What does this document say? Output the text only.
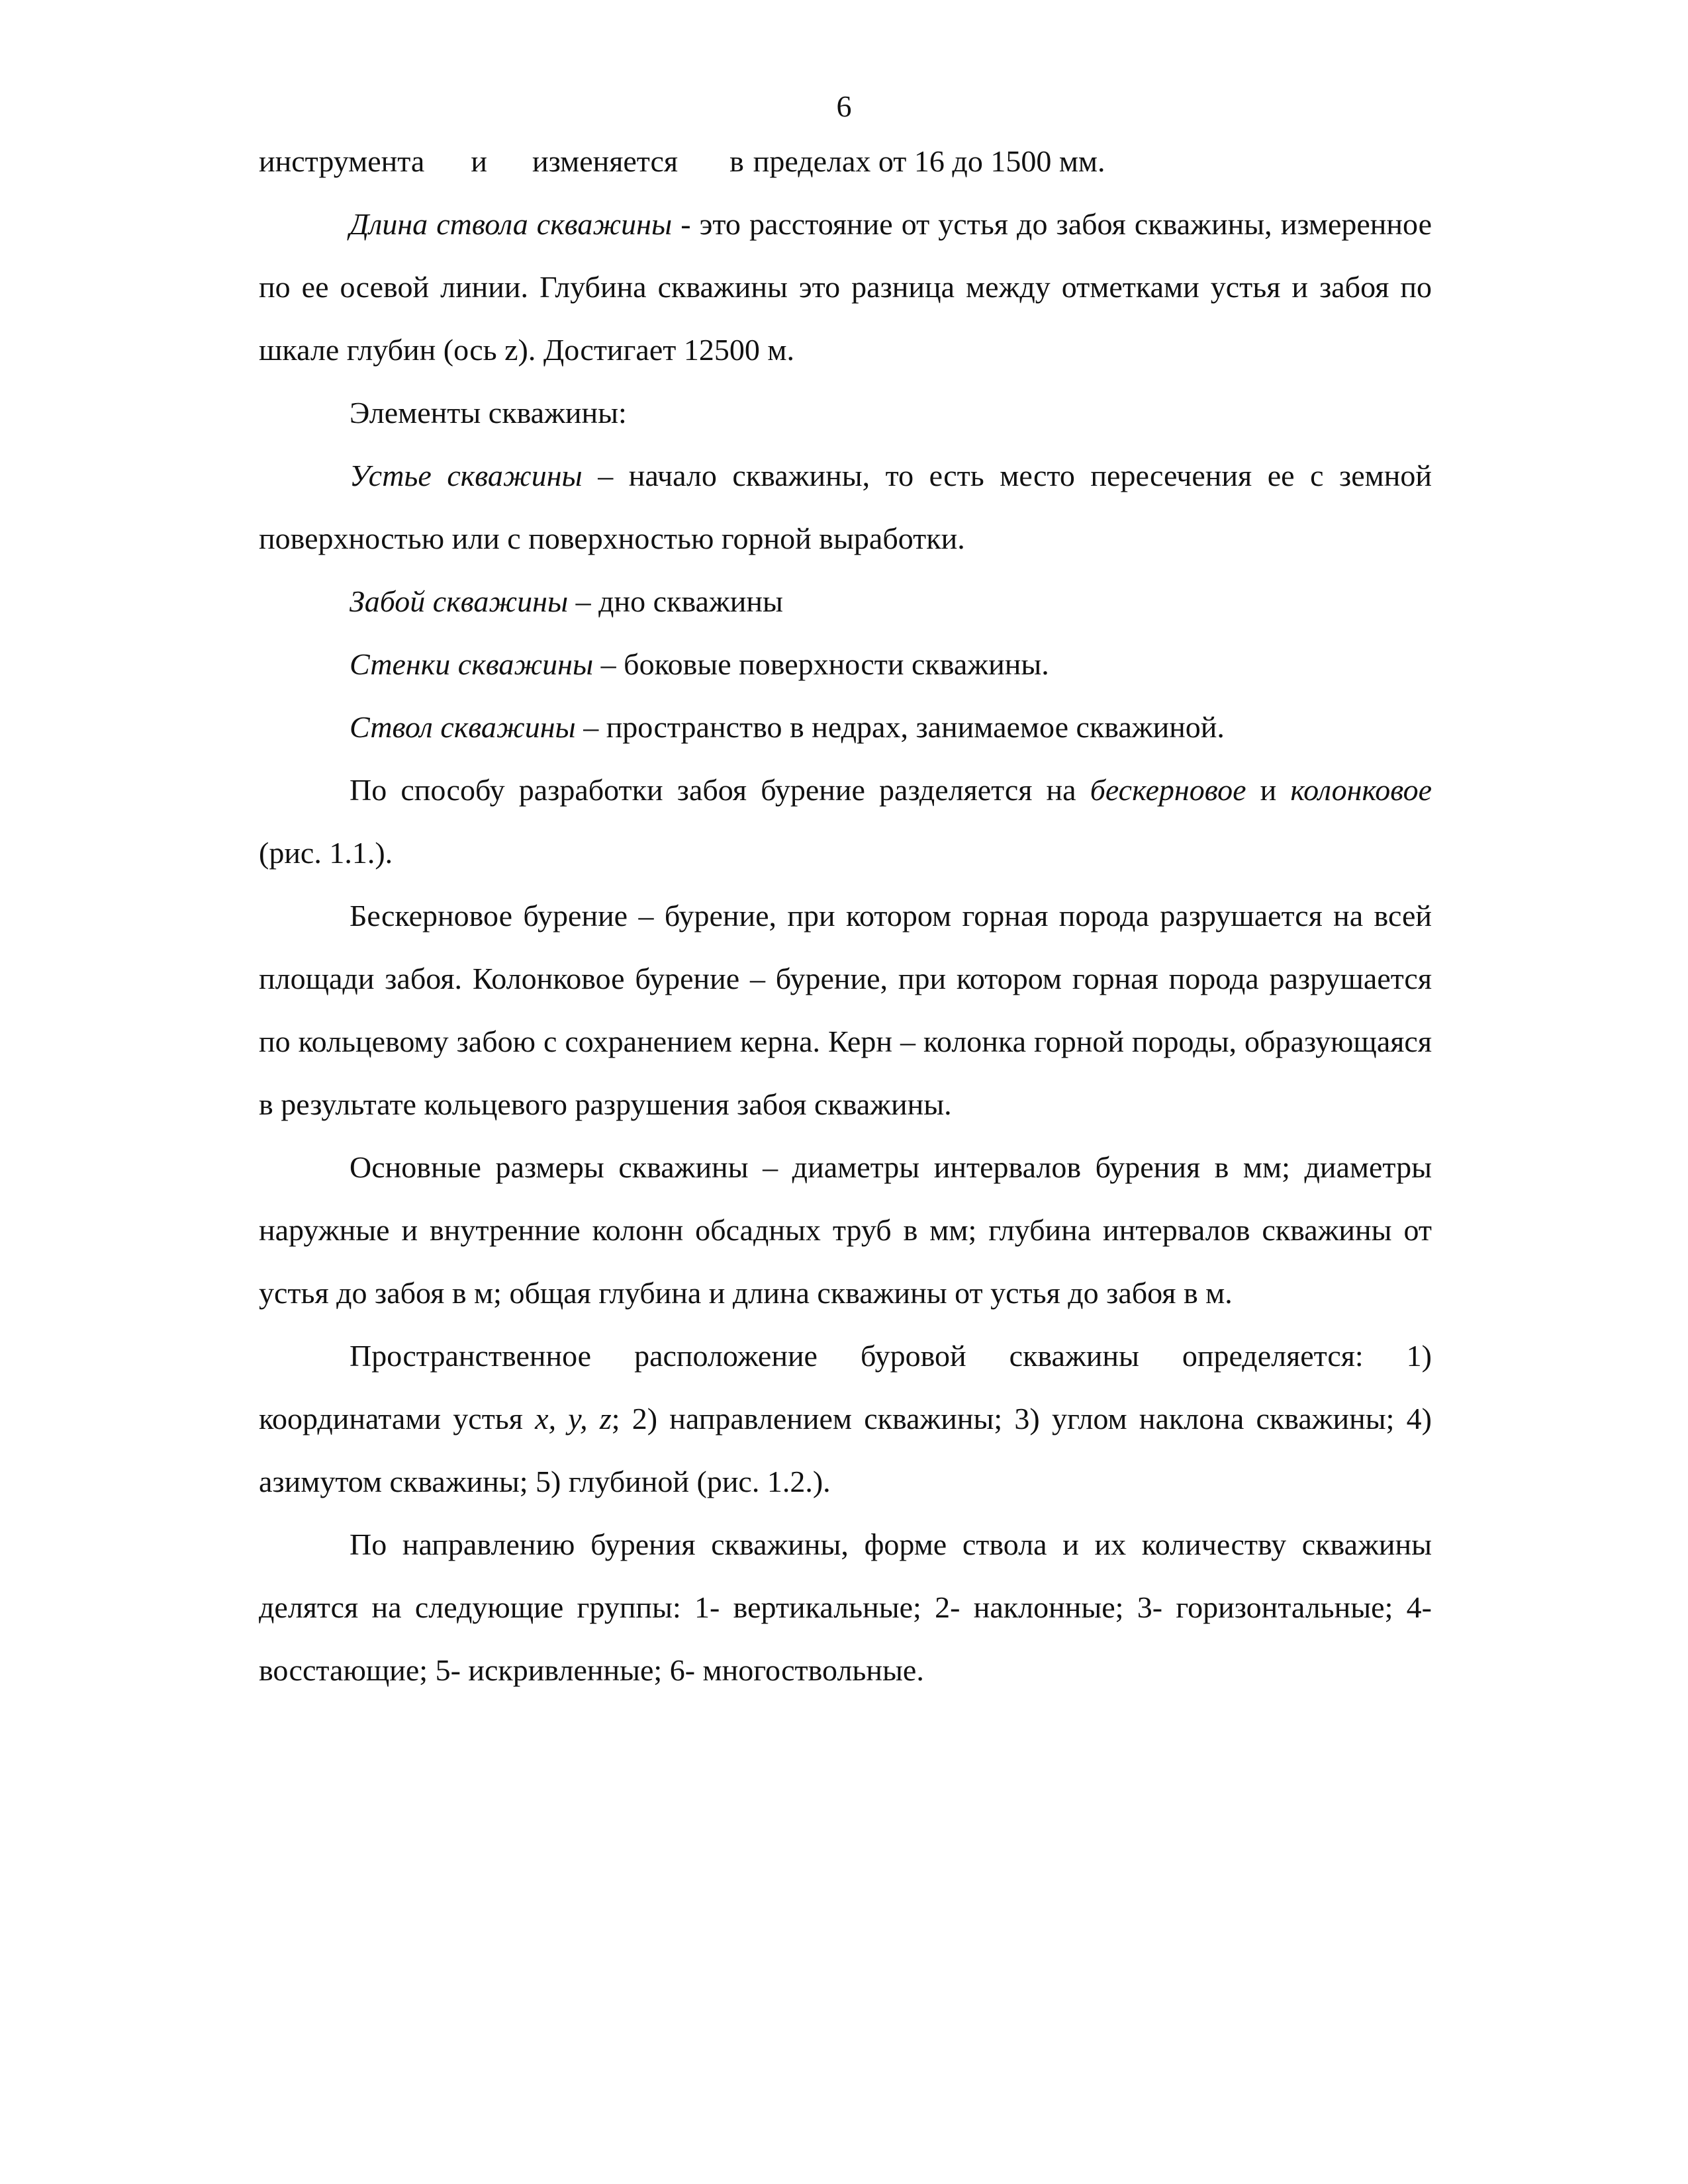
6

инструмента и изменяется в пределах от 16 до 1500 мм.

Длина ствола скважины - это расстояние от устья до забоя скважины, измеренное по ее осевой линии. Глубина скважины это разница между отметками устья и забоя по шкале глубин (ось z). Достигает 12500 м.

Элементы скважины:

Устье скважины – начало скважины, то есть место пересечения ее с земной поверхностью или с поверхностью горной выработки.

Забой скважины – дно скважины

Стенки скважины – боковые поверхности скважины.

Ствол скважины – пространство в недрах, занимаемое скважиной.

По способу разработки забоя бурение разделяется на бескерновое и колонковое (рис. 1.1.).

Бескерновое бурение – бурение, при котором горная порода разрушается на всей площади забоя. Колонковое бурение – бурение, при котором горная порода разрушается по кольцевому забою с сохранением керна. Керн – колонка горной породы, образующаяся в результате кольцевого разрушения забоя скважины.

Основные размеры скважины – диаметры интервалов бурения в мм; диаметры наружные и внутренние колонн обсадных труб в мм; глубина интервалов скважины от устья до забоя в м; общая глубина и длина скважины от устья до забоя в м.

Пространственное расположение буровой скважины определяется: 1) координатами устья x, y, z; 2) направлением скважины; 3) углом наклона скважины; 4) азимутом скважины; 5) глубиной (рис. 1.2.).

По направлению бурения скважины, форме ствола и их количеству скважины делятся на следующие группы: 1- вертикальные; 2- наклонные; 3- горизонтальные; 4- восстающие; 5- искривленные; 6- многоствольные.
